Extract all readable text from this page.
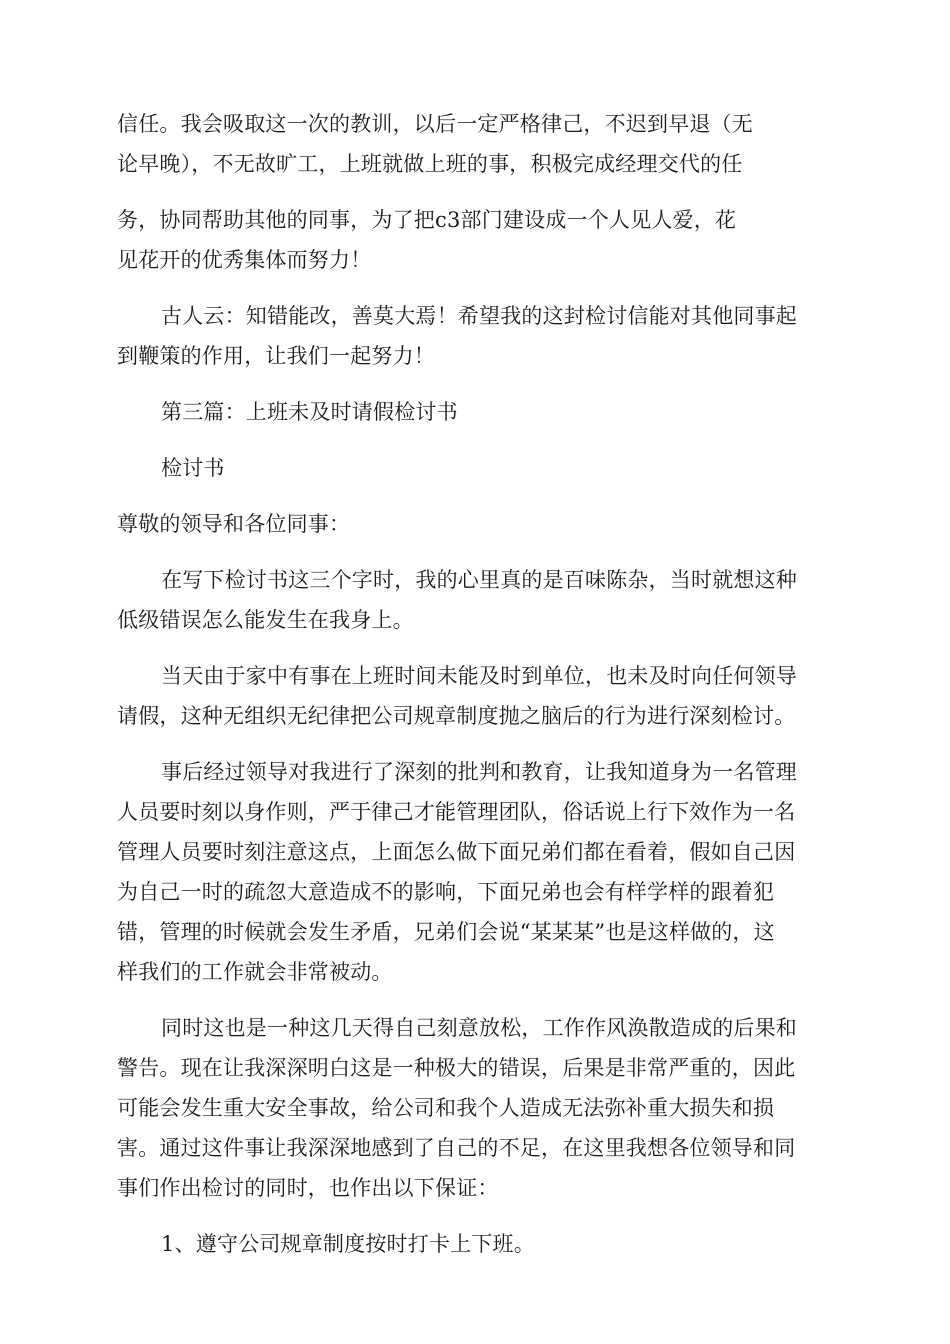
信任。我会吸取这一次的教训，以后一定严格律己，不迟到早退（无
论早晚），不无故旷工，上班就做上班的事，积极完成经理交代的任

务，协同帮助其他的同事，为了把c3部门建设成一个人见人爱，花
见花开的优秀集体而努力！

古人云：知错能改，善莫大焉！希望我的这封检讨信能对其他同事起
到鞭策的作用，让我们一起努力！

第三篇：上班未及时请假检讨书

检讨书

尊敬的领导和各位同事：

在写下检讨书这三个字时，我的心里真的是百味陈杂，当时就想这种
低级错误怎么能发生在我身上。

当天由于家中有事在上班时间未能及时到单位，也未及时向任何领导
请假，这种无组织无纪律把公司规章制度抛之脑后的行为进行深刻检讨。

事后经过领导对我进行了深刻的批判和教育，让我知道身为一名管理
人员要时刻以身作则，严于律己才能管理团队，俗话说上行下效作为一名
管理人员要时刻注意这点，上面怎么做下面兄弟们都在看着，假如自己因
为自己一时的疏忽大意造成不的影响，下面兄弟也会有样学样的跟着犯
错，管理的时候就会发生矛盾，兄弟们会说“某某某”也是这样做的，这
样我们的工作就会非常被动。

同时这也是一种这几天得自己刻意放松，工作作风涣散造成的后果和
警告。现在让我深深明白这是一种极大的错误，后果是非常严重的，因此
可能会发生重大安全事故，给公司和我个人造成无法弥补重大损失和损
害。通过这件事让我深深地感到了自己的不足，在这里我想各位领导和同
事们作出检讨的同时，也作出以下保证：

1、遵守公司规章制度按时打卡上下班。
